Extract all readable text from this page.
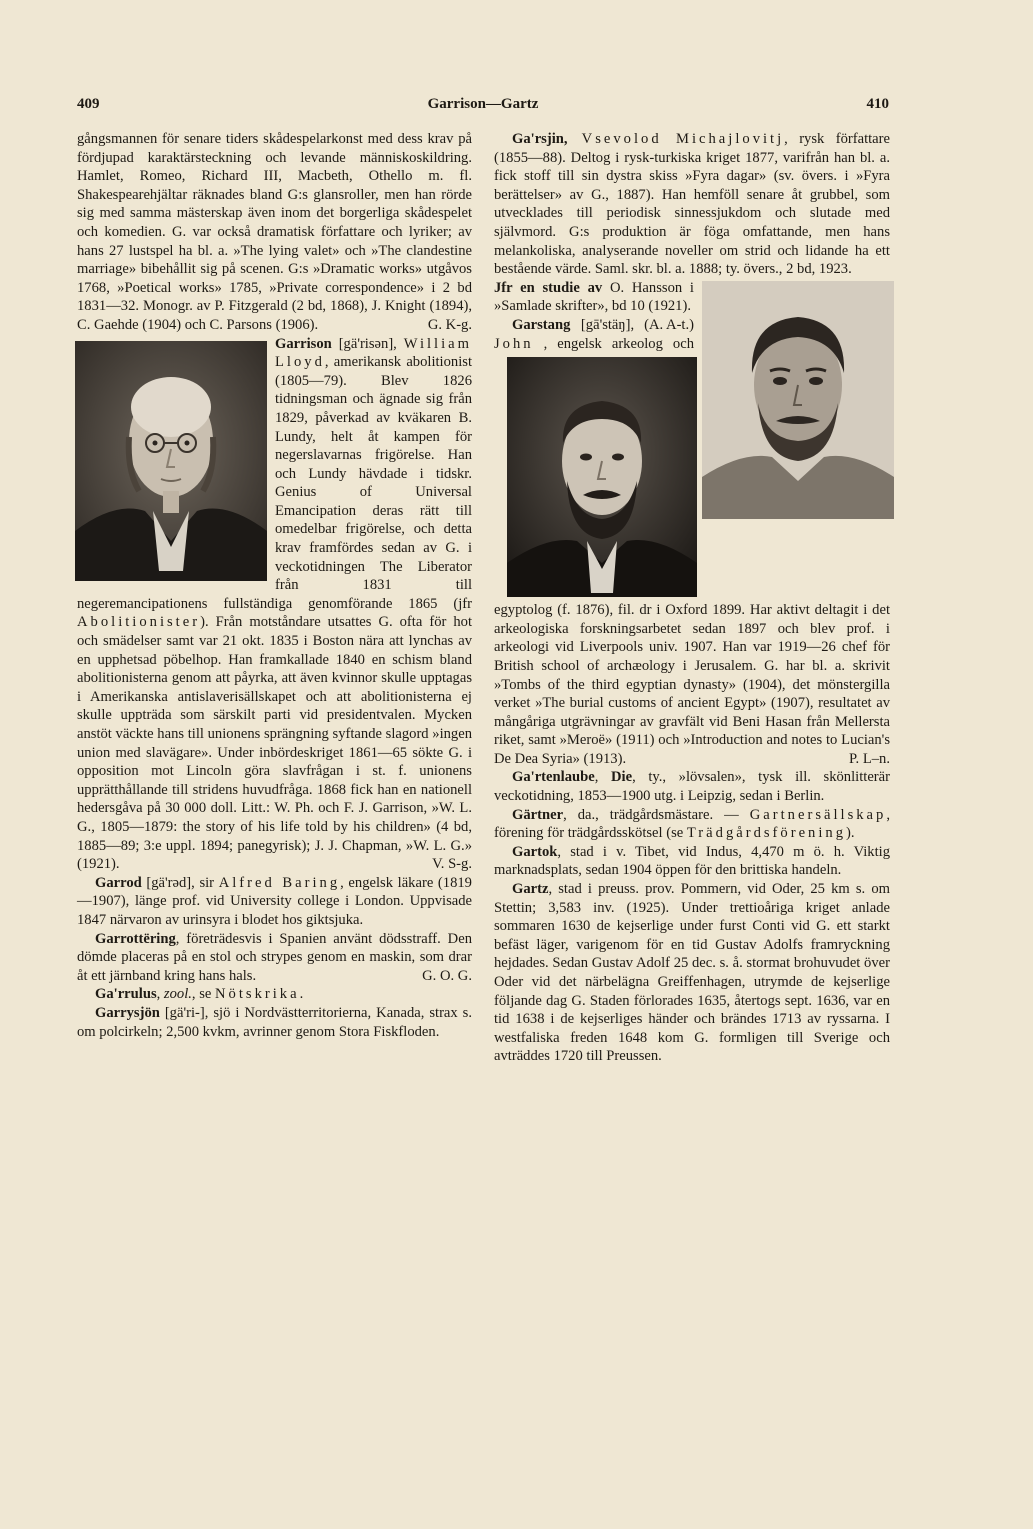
409	Garrison—Gartz	410

gångsmannen för senare tiders skådespelarkonst med dess krav på fördjupad karaktärsteckning och levande människoskildring. Hamlet, Romeo, Richard III, Macbeth, Othello m. fl. Shakespearehjältar räknades bland G:s glansroller, men han rörde sig med samma mästerskap även inom det borgerliga skådespelet och komedien. G. var också dramatisk författare och lyriker; av hans 27 lustspel ha bl. a. »The lying valet» och »The clandestine marriage» bibehållit sig på scenen. G:s »Dramatic works» utgåvos 1768, »Poetical works» 1785, »Private correspondence» i 2 bd 1831—32. Monogr. av P. Fitzgerald (2 bd, 1868), J. Knight (1894), C. Gaehde (1904) och C. Parsons (1906).	G. K-g.

Garrison [gä'risən], William Lloyd, amerikansk abolitionist (1805—79). Blev 1826 tidningsman och ägnade sig från 1829, påverkad av kväkaren B. Lundy, helt åt kampen för negerslavarnas frigörelse. Han och Lundy hävdade i tidskr. Genius of Universal Emancipation deras rätt till omedelbar frigörelse, och detta krav framfördes sedan av G. i veckotidningen The Liberator från 1831 till negeremancipationens fullständiga genomförande 1865 (jfr Abolitionister). Från motståndare utsattes G. ofta för hot och smädelser samt var 21 okt. 1835 i Boston nära att lynchas av en upphetsad pöbelhop. Han framkallade 1840 en schism bland abolitionisterna genom att påyrka, att även kvinnor skulle upptagas i Amerikanska antislaverisällskapet och att abolitionisterna ej skulle uppträda som särskilt parti vid presidentvalen. Mycken anstöt väckte hans till unionens sprängning syftande slagord »ingen union med slavägare». Under inbördeskriget 1861—65 sökte G. i opposition mot Lincoln göra slavfrågan i st. f. unionens upprätthållande till stridens huvudfråga. 1868 fick han en nationell hedersgåva på 30 000 doll. Litt.: W. Ph. och F. J. Garrison, »W. L. G., 1805—1879: the story of his life told by his children» (4 bd, 1885—89; 3:e uppl. 1894; panegyrisk); J. J. Chapman, »W. L. G.» (1921).	V. S-g.

Garrod [gä'rəd], sir Alfred Baring, engelsk läkare (1819—1907), länge prof. vid University college i London. Uppvisade 1847 närvaron av urinsyra i blodet hos giktsjuka.

Garrottëring, företrädesvis i Spanien använt dödsstraff. Den dömde placeras på en stol och strypes genom en maskin, som drar åt ett järnband kring hans hals.	G. O. G.

Ga'rrulus, zool., se Nötskrika.

Garrysjön [gä'ri-], sjö i Nordvästterritorierna, Kanada, strax s. om polcirkeln; 2,500 kvkm, avrinner genom Stora Fiskfloden.

Ga'rsjin, Vsevolod Michajlovitj, rysk författare (1855—88). Deltog i rysk-turkiska kriget 1877, varifrån han bl. a. fick stoff till sin dystra skiss »Fyra dagar» (sv. övers. i »Fyra berättelser» av G., 1887). Han hemföll senare åt grubbel, som utvecklades till periodisk sinnessjukdom och slutade med självmord. G:s produktion är föga omfattande, men hans melankoliska, analyserande noveller om strid och lidande ha ett bestående värde. Saml. skr. bl. a. 1888; ty. övers., 2 bd, 1923.

Jfr en studie av O. Hansson i »Samlade skrifter», bd 10 (1921).
(A. A-t.)

Garstang [gā'stäŋ], John , engelsk arkeolog och egyptolog (f. 1876), fil. dr i Oxford 1899. Har aktivt deltagit i det arkeologiska forskningsarbetet sedan 1897 och blev prof. i arkeologi vid Liverpools univ. 1907. Han var 1919—26 chef för British school of archæology i Jerusalem. G. har bl. a. skrivit »Tombs of the third egyptian dynasty» (1904), det mönstergilla verket »The burial customs of ancient Egypt» (1907), resultatet av mångåriga utgrävningar av gravfält vid Beni Hasan från Mellersta riket, samt »Meroë» (1911) och »Introduction and notes to Lucian's De Dea Syria» (1913).	P. L–n.

Ga'rtenlaube, Die, ty., »lövsalen», tysk ill. skönlitterär veckotidning, 1853—1900 utg. i Leipzig, sedan i Berlin.

Gärtner, da., trädgårdsmästare. — Gartnersällskap, förening för trädgårdsskötsel (se Trädgårdsförening).

Gartok, stad i v. Tibet, vid Indus, 4,470 m ö. h. Viktig marknadsplats, sedan 1904 öppen för den brittiska handeln.

Gartz, stad i preuss. prov. Pommern, vid Oder, 25 km s. om Stettin; 3,583 inv. (1925). Under trettioåriga kriget anlade sommaren 1630 de kejserlige under furst Conti vid G. ett starkt befäst läger, varigenom för en tid Gustav Adolfs framryckning hejdades. Sedan Gustav Adolf 25 dec. s. å. stormat brohuvudet över Oder vid det närbelägna Greiffenhagen, utrymde de kejserlige följande dag G. Staden förlorades 1635, återtogs sept. 1636, var en tid 1638 i de kejserliges händer och brändes 1713 av ryssarna. I westfaliska freden 1648 kom G. formligen till Sverige och avträddes 1720 till Preussen.
